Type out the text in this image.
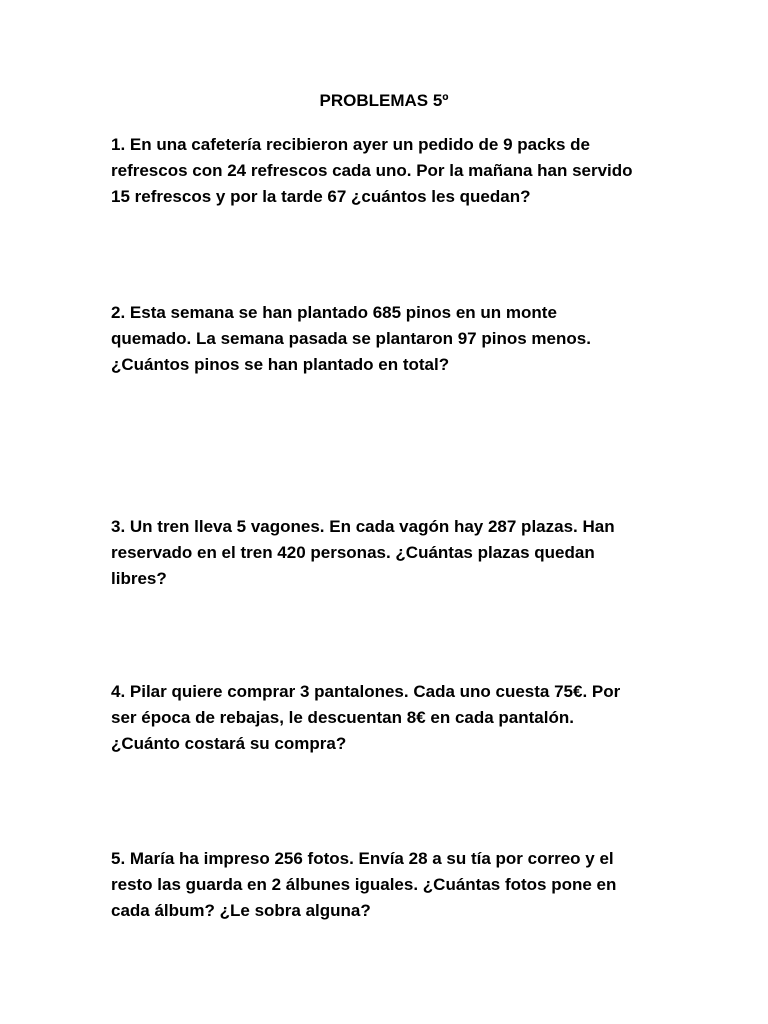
PROBLEMAS 5º
1. En una cafetería recibieron ayer un pedido de 9 packs de
refrescos con 24 refrescos cada uno. Por la mañana han servido
15 refrescos y por la tarde 67 ¿cuántos les quedan?
2. Esta semana se han plantado 685 pinos en un monte
quemado. La semana pasada se plantaron 97 pinos menos.
¿Cuántos pinos se han plantado en total?
3. Un tren lleva 5 vagones. En cada vagón hay 287 plazas. Han
reservado en el tren 420 personas. ¿Cuántas plazas quedan
libres?
4. Pilar quiere comprar 3 pantalones. Cada uno cuesta 75€. Por
ser época de rebajas, le descuentan 8€ en cada pantalón.
¿Cuánto costará su compra?
5. María ha impreso 256 fotos. Envía 28 a su tía por correo y el
resto las guarda en 2 álbunes iguales. ¿Cuántas fotos pone en
cada álbum? ¿Le sobra alguna?
